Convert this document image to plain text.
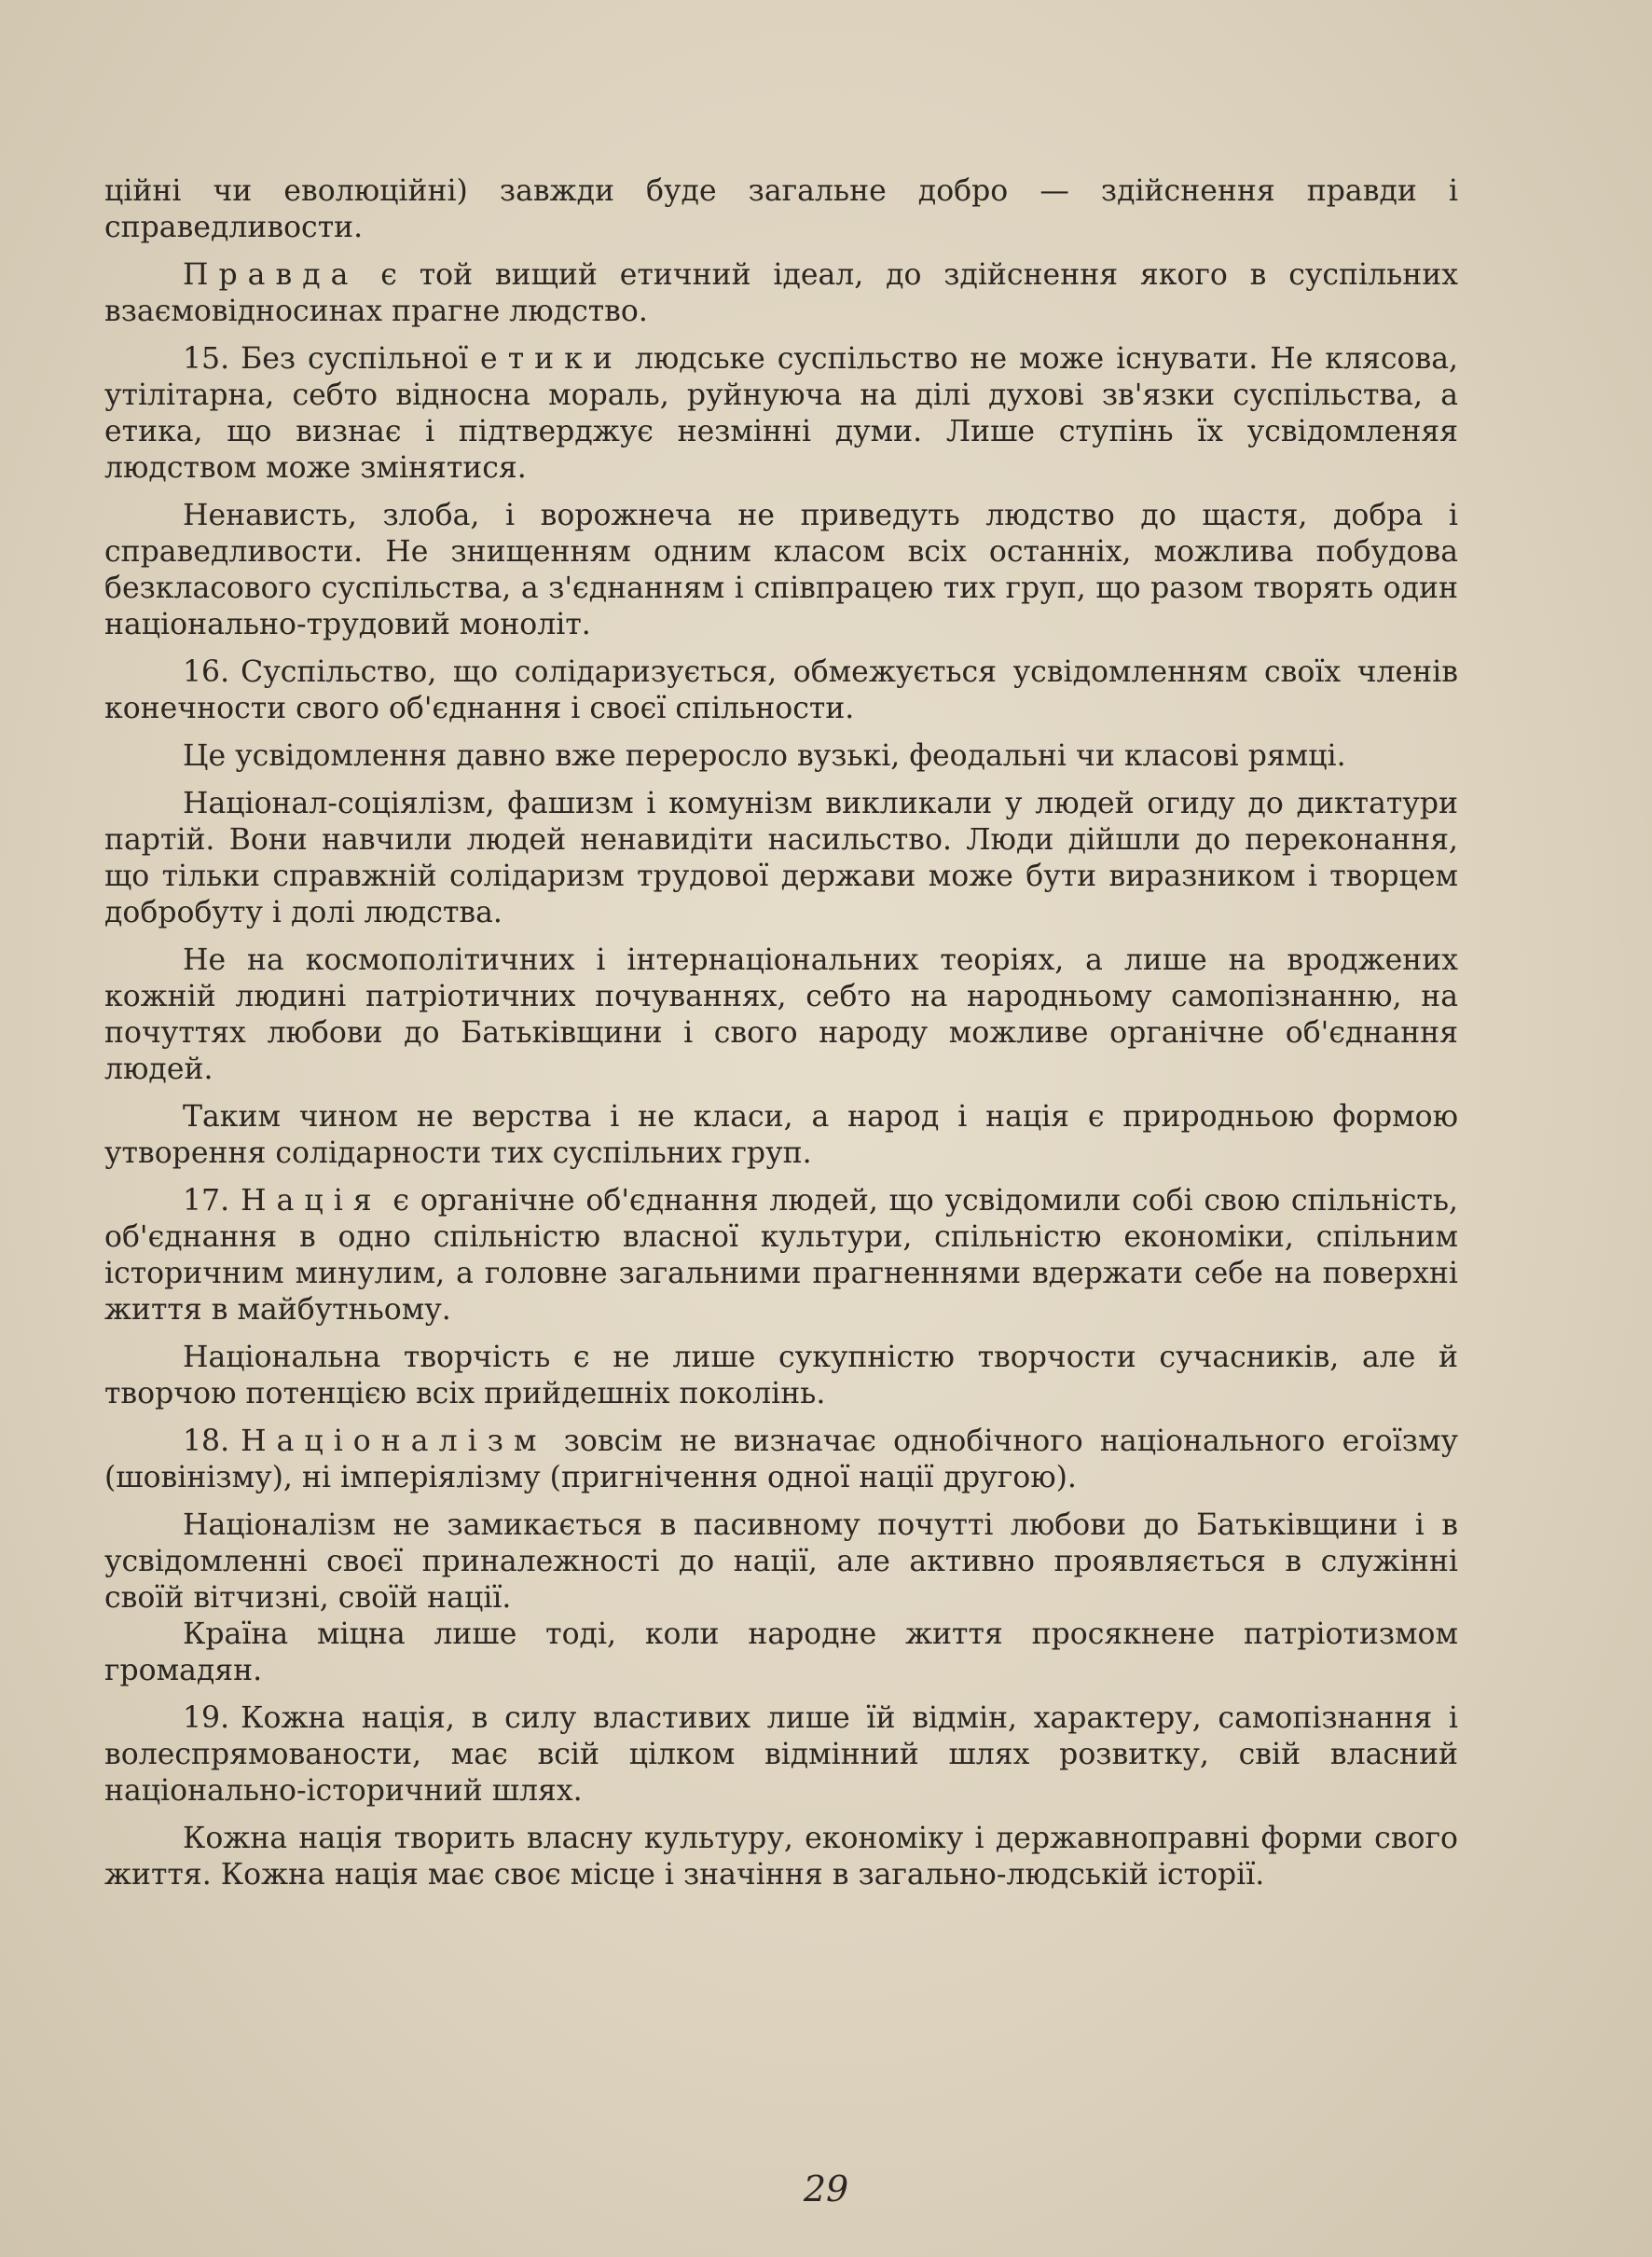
ційні чи еволюційні) завжди буде загальне добро — здійснення правди і справедливости.

Правда є той вищий етичний ідеал, до здійснення якого в суспільних взаємовідносинах прагне людство.

15. Без суспільної етики людське суспільство не може існувати. Не клясова, утілітарна, себто відносна мораль, руйнуюча на ділі духові зв'язки суспільства, а етика, що визнає і підтверджує незмінні думи. Лише ступінь їх усвідомленяя людством може змінятися.

Ненависть, злоба, і ворожнеча не приведуть людство до щастя, добра і справедливости. Не знищенням одним класом всіх останніх, можлива побудова безкласового суспільства, а з'єднанням і співпрацею тих груп, що разом творять один національно-трудовий моноліт.

16. Суспільство, що солідаризується, обмежується усвідомленням своїх членів конечности свого об'єднання і своєї спільности.

Це усвідомлення давно вже переросло вузькі, феодальні чи класові рямці.

Націонал-соціялізм, фашизм і комунізм викликали у людей огиду до диктатури партій. Вони навчили людей ненавидіти насильство. Люди дійшли до переконання, що тільки справжній солідаризм трудової держави може бути виразником і творцем добробуту і долі людства.

Не на космополітичних і інтернаціональних теоріях, а лише на вроджених кожній людині патріотичних почуваннях, себто на народньому самопізнанню, на почуттях любови до Батьківщини і свого народу можливе органічне об'єднання людей.

Таким чином не верства і не класи, а народ і нація є природньою формою утворення солідарности тих суспільних груп.

17. Нація є органічне об'єднання людей, що усвідомили собі свою спільність, об'єднання в одно спільністю власної культури, спільністю економіки, спільним історичним минулим, а головне загальними прагненнями вдержати себе на поверхні життя в майбутньому.

Національна творчість є не лише сукупністю творчости сучасників, але й творчою потенцією всіх прийдешніх поколінь.

18. Націоналізм зовсім не визначає однобічного національного егоїзму (шовінізму), ні імперіялізму (пригнічення одної нації другою).

Націоналізм не замикається в пасивному почутті любови до Батьківщини і в усвідомленні своєї приналежності до нації, але активно проявляється в служінні своїй вітчизні, своїй нації.

Країна міцна лише тоді, коли народне життя просякнене патріотизмом громадян.

19. Кожна нація, в силу властивих лише їй відмін, характеру, самопізнання і волеспрямованости, має всій цілком відмінний шлях розвитку, свій власний національно-історичний шлях.

Кожна нація творить власну культуру, економіку і державноправні форми свого життя. Кожна нація має своє місце і значіння в загально-людській історії.

29
